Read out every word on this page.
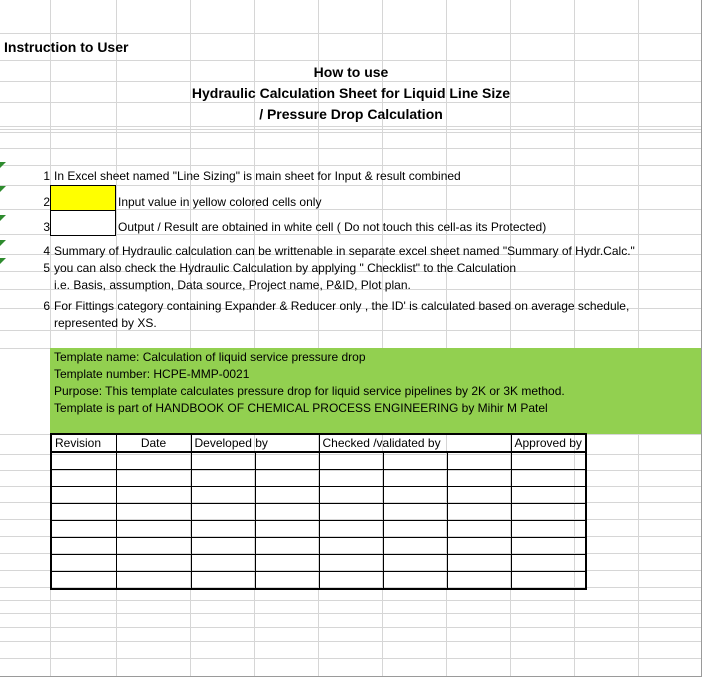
Instruction to User
How to use
Hydraulic Calculation Sheet for Liquid Line Size
/ Pressure Drop Calculation
1 In Excel sheet named "Line Sizing" is main sheet for Input & result combined
2	Input value in yellow colored cells only
3	Output / Result are obtained in white cell ( Do not touch this cell-as its Protected)
4 Summary of Hydraulic calculation can be writtenable in separate excel sheet named "Summary of Hydr.Calc."
5 you can also check the Hydraulic Calculation by applying " Checklist" to the Calculation
i.e. Basis, assumption, Data source, Project name, P&ID, Plot plan.
6 For Fittings category containing Expander & Reducer only , the ID' is calculated based on average schedule,
represented by XS.
Template name: Calculation of liquid service pressure drop
Template number: HCPE-MMP-0021
Purpose: This template calculates pressure drop for liquid service pipelines by 2K or 3K method.
Template is part of HANDBOOK OF CHEMICAL PROCESS ENGINEERING by Mihir M Patel
Revision	Date	Developed by		Checked /validated by			Approved by
